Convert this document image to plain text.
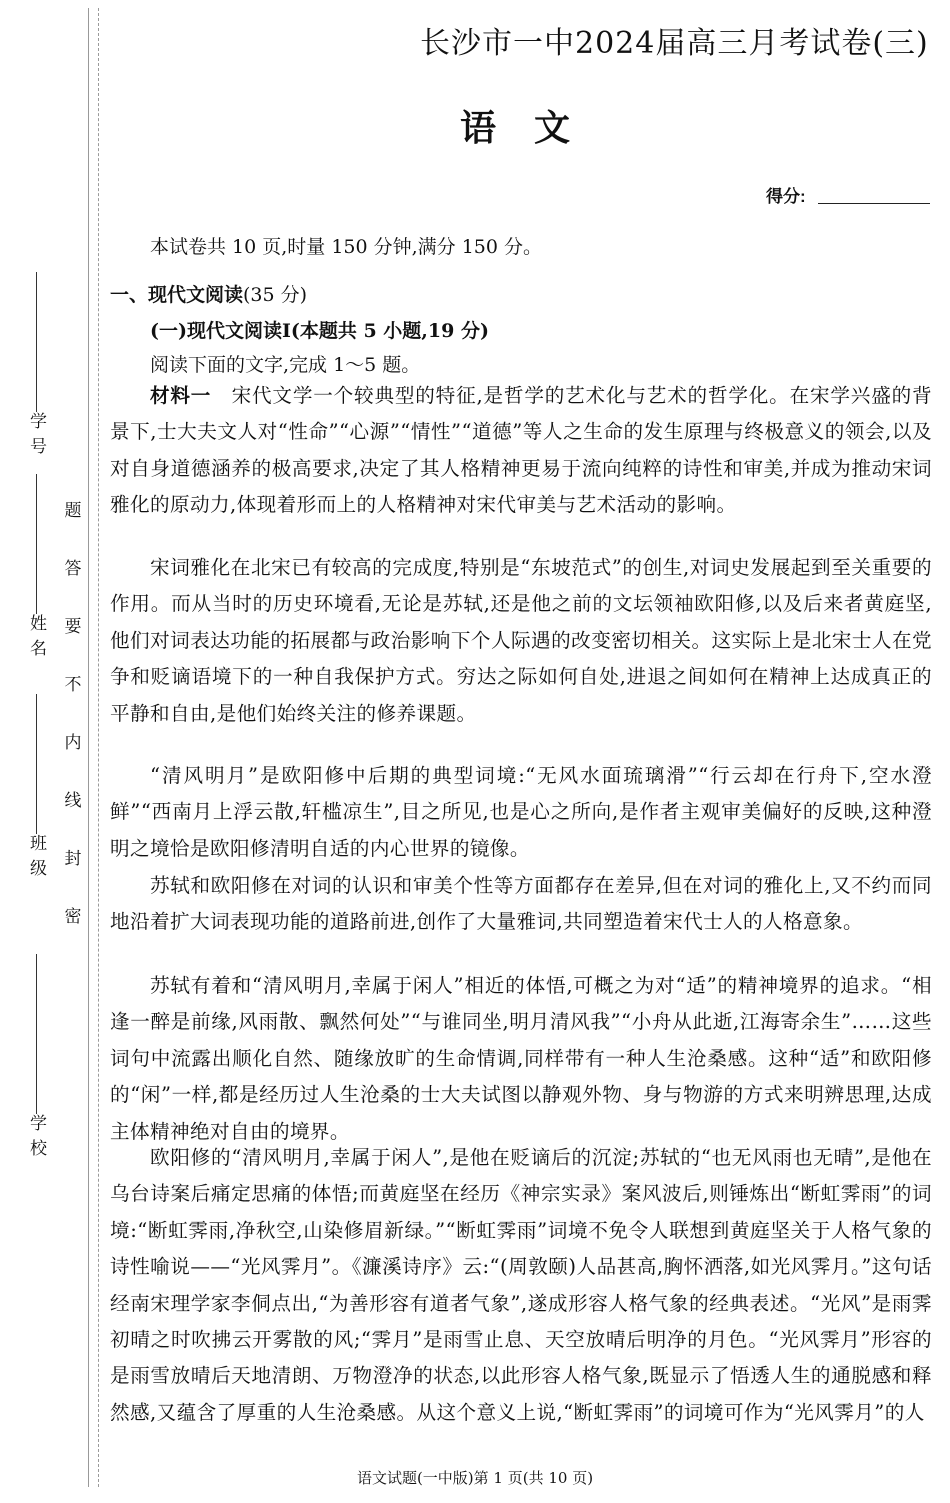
学号
姓名
班级
学校
题
答
要
不
内
线
封
密
长沙市一中2024届高三月考试卷(三)
语文
得分:
本试卷共 10 页,时量 150 分钟,满分 150 分。
一、现代文阅读(35 分)
(一)现代文阅读Ⅰ(本题共 5 小题,19 分)
阅读下面的文字,完成 1～5 题。

材料一　 宋代文学一个较典型的特征,是哲学的艺术化与艺术的哲学化。在宋学兴盛的背景下,士大夫文人对“性命”“心源”“情性”“道德”等人之生命的发生原理与终极意义的领会,以及对自身道德涵养的极高要求,决定了其人格精神更易于流向纯粹的诗性和审美,并成为推动宋词雅化的原动力,体现着形而上的人格精神对宋代审美与艺术活动的影响。

宋词雅化在北宋已有较高的完成度,特别是“东坡范式”的创生,对词史发展起到至关重要的作用。而从当时的历史环境看,无论是苏轼,还是他之前的文坛领袖欧阳修,以及后来者黄庭坚,他们对词表达功能的拓展都与政治影响下个人际遇的改变密切相关。这实际上是北宋士人在党争和贬谪语境下的一种自我保护方式。穷达之际如何自处,进退之间如何在精神上达成真正的平静和自由,是他们始终关注的修养课题。

“清风明月”是欧阳修中后期的典型词境:“无风水面琉璃滑”“行云却在行舟下,空水澄鲜”“西南月上浮云散,轩槛凉生”,目之所见,也是心之所向,是作者主观审美偏好的反映,这种澄明之境恰是欧阳修清明自适的内心世界的镜像。

苏轼和欧阳修在对词的认识和审美个性等方面都存在差异,但在对词的雅化上,又不约而同地沿着扩大词表现功能的道路前进,创作了大量雅词,共同塑造着宋代士人的人格意象。

苏轼有着和“清风明月,幸属于闲人”相近的体悟,可概之为对“适”的精神境界的追求。“相逢一醉是前缘,风雨散、飘然何处”“与谁同坐,明月清风我”“小舟从此逝,江海寄余生”……这些词句中流露出顺化自然、随缘放旷的生命情调,同样带有一种人生沧桑感。这种“适”和欧阳修的“闲”一样,都是经历过人生沧桑的士大夫试图以静观外物、身与物游的方式来明辨思理,达成主体精神绝对自由的境界。

欧阳修的“清风明月,幸属于闲人”,是他在贬谪后的沉淀;苏轼的“也无风雨也无晴”,是他在乌台诗案后痛定思痛的体悟;而黄庭坚在经历《神宗实录》案风波后,则锤炼出“断虹霁雨”的词境:“断虹霁雨,净秋空,山染修眉新绿。”“断虹霁雨”词境不免令人联想到黄庭坚关于人格气象的诗性喻说——“光风霁月”。《濂溪诗序》云:“(周敦颐)人品甚高,胸怀洒落,如光风霁月。”这句话经南宋理学家李侗点出,“为善形容有道者气象”,遂成形容人格气象的经典表述。“光风”是雨霁初晴之时吹拂云开雾散的风;“霁月”是雨雪止息、天空放晴后明净的月色。“光风霁月”形容的是雨雪放晴后天地清朗、万物澄净的状态,以此形容人格气象,既显示了悟透人生的通脱感和释然感,又蕴含了厚重的人生沧桑感。从这个意义上说,“断虹霁雨”的词境可作为“光风霁月”的人

语文试题(一中版)第 1 页(共 10 页)
